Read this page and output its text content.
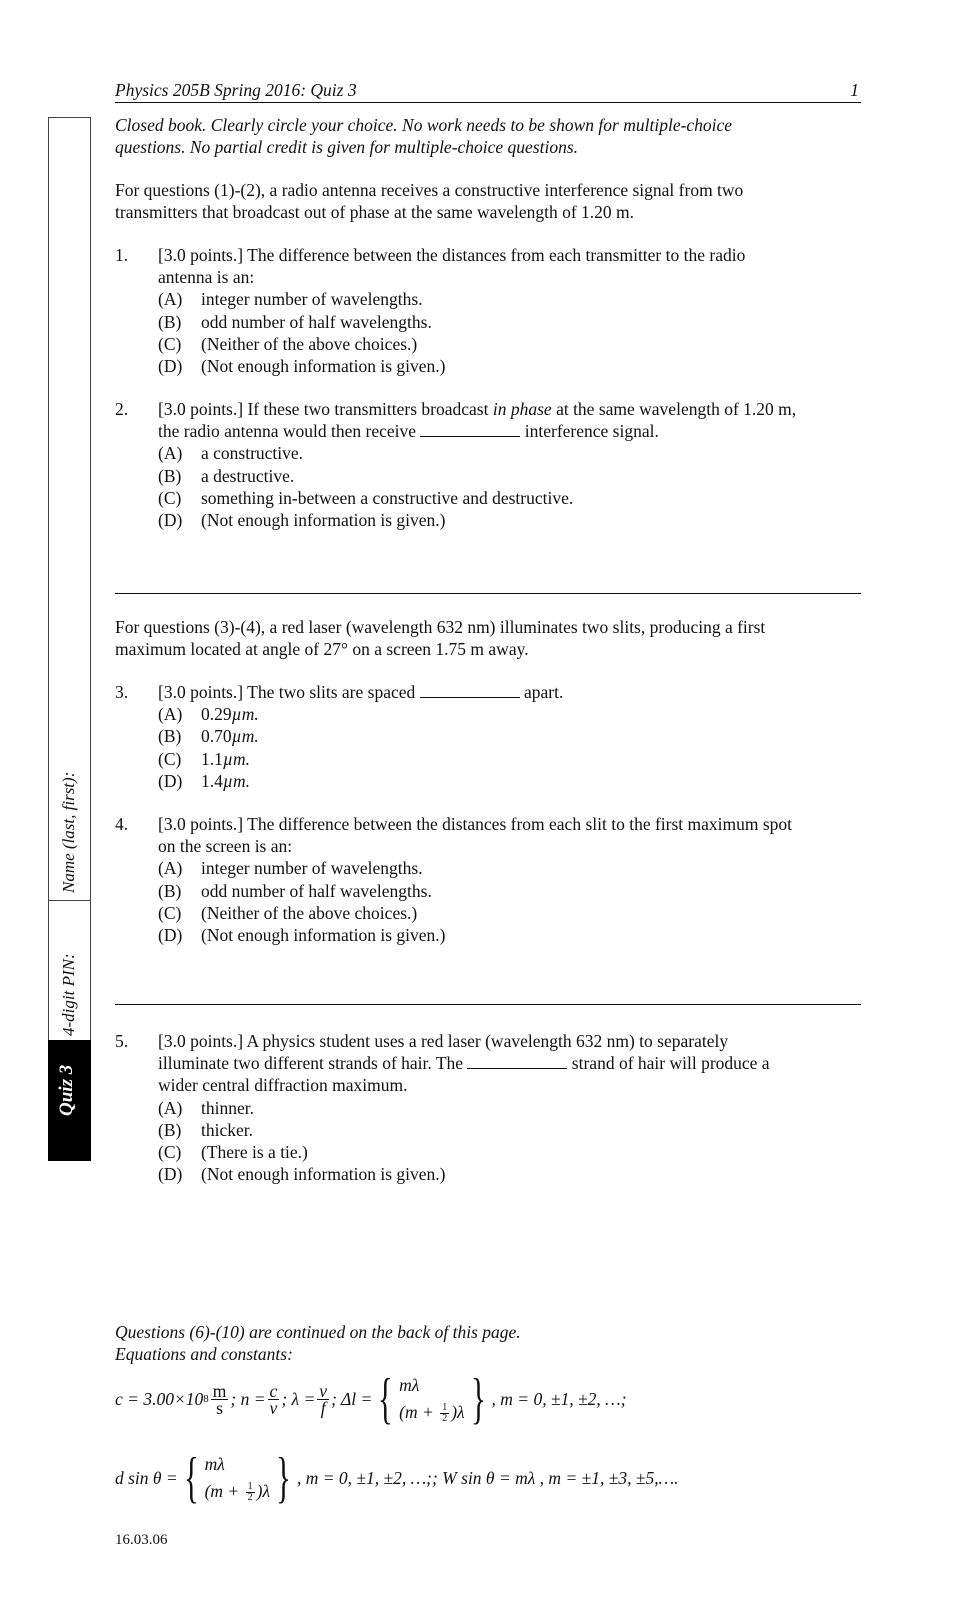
Physics 205B Spring 2016: Quiz 3	1
Name (last, first):
4-digit PIN:
Quiz 3

Closed book. Clearly circle your choice. No work needs to be shown for multiple-choice

questions. No partial credit is given for multiple-choice questions.

For questions (1)-(2), a radio antenna receives a constructive interference signal from two

transmitters that broadcast out of phase at the same wavelength of 1.20 m.

1. [3.0 points.] The difference between the distances from each transmitter to the radio

antenna is an:

(A)	integer number of wavelengths.
(B)	odd number of half wavelengths.
(C)	(Neither of the above choices.)
(D)	(Not enough information is given.)
2. [3.0 points.] If these two transmitters broadcast in phase at the same wavelength of 1.20 m,

the radio antenna would then receive	interference signal.

(A)	a constructive.
(B)	a destructive.
(C)	something in-between a constructive and destructive.
(D)	(Not enough information is given.)

For questions (3)-(4), a red laser (wavelength 632 nm) illuminates two slits, producing a first

maximum located at angle of 27° on a screen 1.75 m away.

3. [3.0 points.] The two slits are spaced	apart.

(A)	0.29 µm.
(B)	0.70 µm.
(C)	1.1 µm.
(D)	1.4 µm.
4. [3.0 points.] The difference between the distances from each slit to the first maximum spot

on the screen is an:

(A)	integer number of wavelengths.
(B)	odd number of half wavelengths.
(C)	(Neither of the above choices.)
(D)	(Not enough information is given.)
5. [3.0 points.] A physics student uses a red laser (wavelength 632 nm) to separately

illuminate two different strands of hair. The	strand of hair will produce a

wider central diffraction maximum.

(A)	thinner.
(B)	thicker.
(C)	(There is a tie.)
(D)	(Not enough information is given.)

Questions (6)-(10) are continued on the back of this page.

Equations and constants:

c = 3.00×10 $8 \frac{m}{s}$ ; $n = \frac{c}{v}$ ; $\lambda = \frac{v}{f}$ ; Δl = { mλ
$(m + \frac{1}{2} )\lambda$ } , m = 0, ±1, ±2, …;
d sin θ = { mλ
$(m + \frac{1}{2} )\lambda$ } , m = 0, ±1, ±2, …; ; W sin θ = mλ , m = ±1, ±3, ±5,….
16.03.06
